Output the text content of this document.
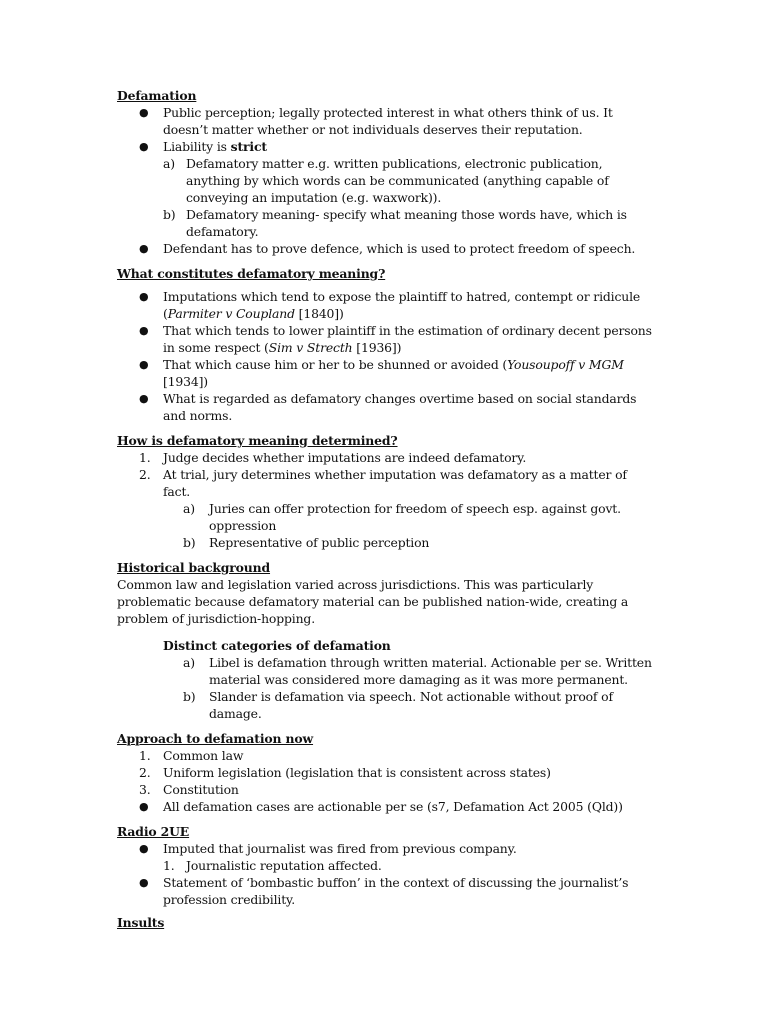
Defamation
●	Public perception; legally protected interest in what others think of us. It doesn’t matter whether or not individuals deserves their reputation.
●	Liability is strict
a) Defamatory matter e.g. written publications, electronic publication, anything by which words can be communicated (anything capable of conveying an imputation (e.g. waxwork)).
b) Defamatory meaning- specify what meaning those words have, which is defamatory.
●	Defendant has to prove defence, which is used to protect freedom of speech.
What constitutes defamatory meaning?
●	Imputations which tend to expose the plaintiff to hatred, contempt or ridicule (Parmiter v Coupland [1840])
●	That which tends to lower plaintiff in the estimation of ordinary decent persons in some respect (Sim v Strecth [1936])
●	That which cause him or her to be shunned or avoided (Yousoupoff v MGM [1934])
●	What is regarded as defamatory changes overtime based on social standards and norms.
How is defamatory meaning determined?
1.	Judge decides whether imputations are indeed defamatory.
2.	At trial, jury determines whether imputation was defamatory as a matter of fact.
a)	Juries can offer protection for freedom of speech esp. against govt. oppression
b)	Representative of public perception
Historical background

Common law and legislation varied across jurisdictions. This was particularly problematic because defamatory material can be published nation-wide, creating a problem of jurisdiction-hopping.

Distinct categories of defamation
a)	Libel is defamation through written material. Actionable per se. Written material was considered more damaging as it was more permanent.
b)	Slander is defamation via speech. Not actionable without proof of damage.
Approach to defamation now
1.	Common law
2.	Uniform legislation (legislation that is consistent across states)
3.	Constitution
●	All defamation cases are actionable per se (s7, Defamation Act 2005 (Qld))
Radio 2UE
●	Imputed that journalist was fired from previous company.
1. Journalistic reputation affected.
●	Statement of ‘bombastic buffon’ in the context of discussing the journalist’s profession credibility.
Insults
